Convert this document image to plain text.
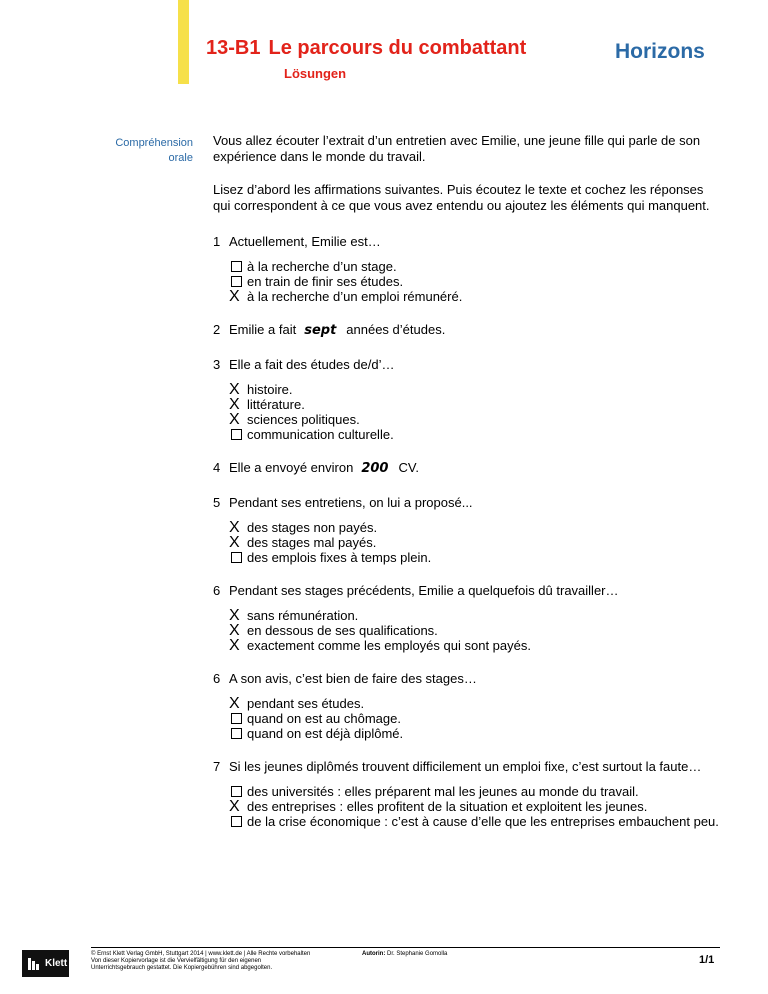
13-B1 Le parcours du combattant
Lösungen
Horizons
Compréhension
orale

Vous allez écouter l’extrait d’un entretien avec Emilie, une jeune fille qui parle de son expérience dans le monde du travail.

Lisez d’abord les affirmations suivantes. Puis écoutez le texte et cochez les réponses qui correspondent à ce que vous avez entendu ou ajoutez les éléments qui manquent.

1 Actuellement, Emilie est…
à la recherche d’un stage.
en train de finir ses études.
X à la recherche d’un emploi rémunéré.
2 Emilie a fait sept années d’études.
3 Elle a fait des études de/d’…
X histoire.
X littérature.
X sciences politiques.
communication culturelle.
4 Elle a envoyé environ 200 CV.
5 Pendant ses entretiens, on lui a proposé...
X des stages non payés.
X des stages mal payés.
des emplois fixes à temps plein.
6 Pendant ses stages précédents, Emilie a quelquefois dû travailler…
X sans rémunération.
X en dessous de ses qualifications.
X exactement comme les employés qui sont payés.
6 A son avis, c’est bien de faire des stages…
X pendant ses études.
quand on est au chômage.
quand on est déjà diplômé.
7 Si les jeunes diplômés trouvent difficilement un emploi fixe, c’est surtout la faute…
des universités : elles préparent mal les jeunes au monde du travail.
X des entreprises : elles profitent de la situation et exploitent les jeunes.
de la crise économique : c’est à cause d’elle que les entreprises embauchent peu.
Klett
© Ernst Klett Verlag GmbH, Stuttgart 2014 | www.klett.de | Alle Rechte vorbehalten
Von dieser Kopiervorlage ist die Vervielfältigung für den eigenen
Unterrichtsgebrauch gestattet. Die Kopiergebühren sind abgegolten.
Autorin: Dr. Stephanie Gomolla	1/1
